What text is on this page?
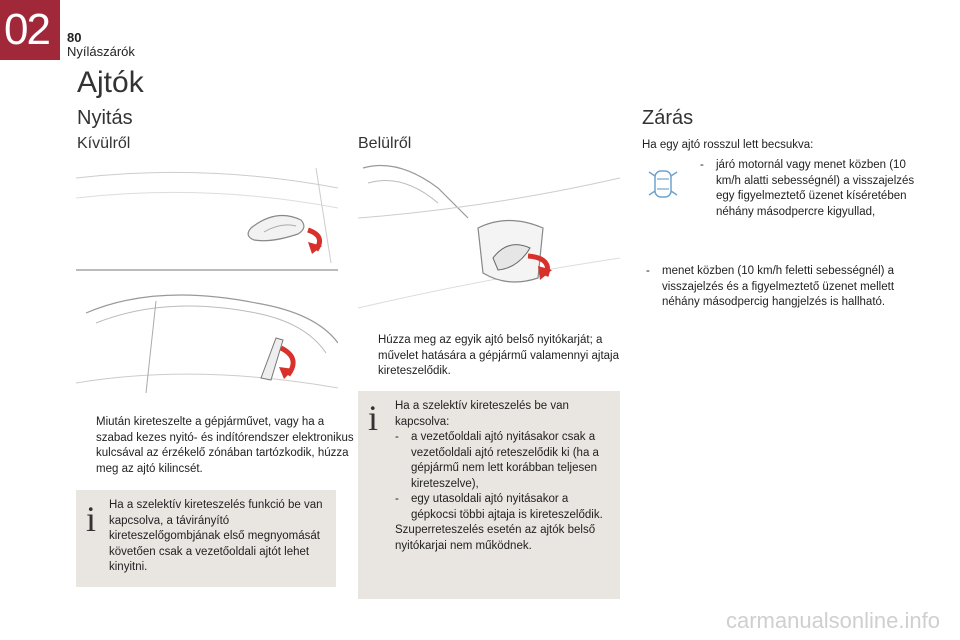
02 80
Nyílászárók
Ajtók
Nyitás
Kívülről
Miután kireteszelte a gépjárművet, vagy ha a szabad kezes nyitó- és indítórendszer elektronikus kulcsával az érzékelő zónában tartózkodik, húzza meg az ajtó kilincsét.
i Ha a szelektív kireteszelés funkció be van kapcsolva, a távirányító kireteszelőgombjának első megnyomását követően csak a vezetőoldali ajtót lehet kinyitni.
Belülről
Húzza meg az egyik ajtó belső nyitókarját; a művelet hatására a gépjármű valamennyi ajtaja kireteszelődik.
i Ha a szelektív kireteszelés be van kapcsolva:
- a vezetőoldali ajtó nyitásakor csak a vezetőoldali ajtó reteszelődik ki (ha a gépjármű nem lett korábban teljesen kireteszelve),
- egy utasoldali ajtó nyitásakor a gépkocsi többi ajtaja is kireteszelődik.
Szuperreteszelés esetén az ajtók belső nyitókarjai nem működnek.
Zárás
Ha egy ajtó rosszul lett becsukva:
- járó motornál vagy menet közben (10 km/h alatti sebességnél) a visszajelzés egy figyelmeztető üzenet kíséretében néhány másodpercre kigyullad,
- menet közben (10 km/h feletti sebességnél) a visszajelzés és a figyelmeztető üzenet mellett néhány másodpercig hangjelzés is hallható.
carmanualsonline.info
